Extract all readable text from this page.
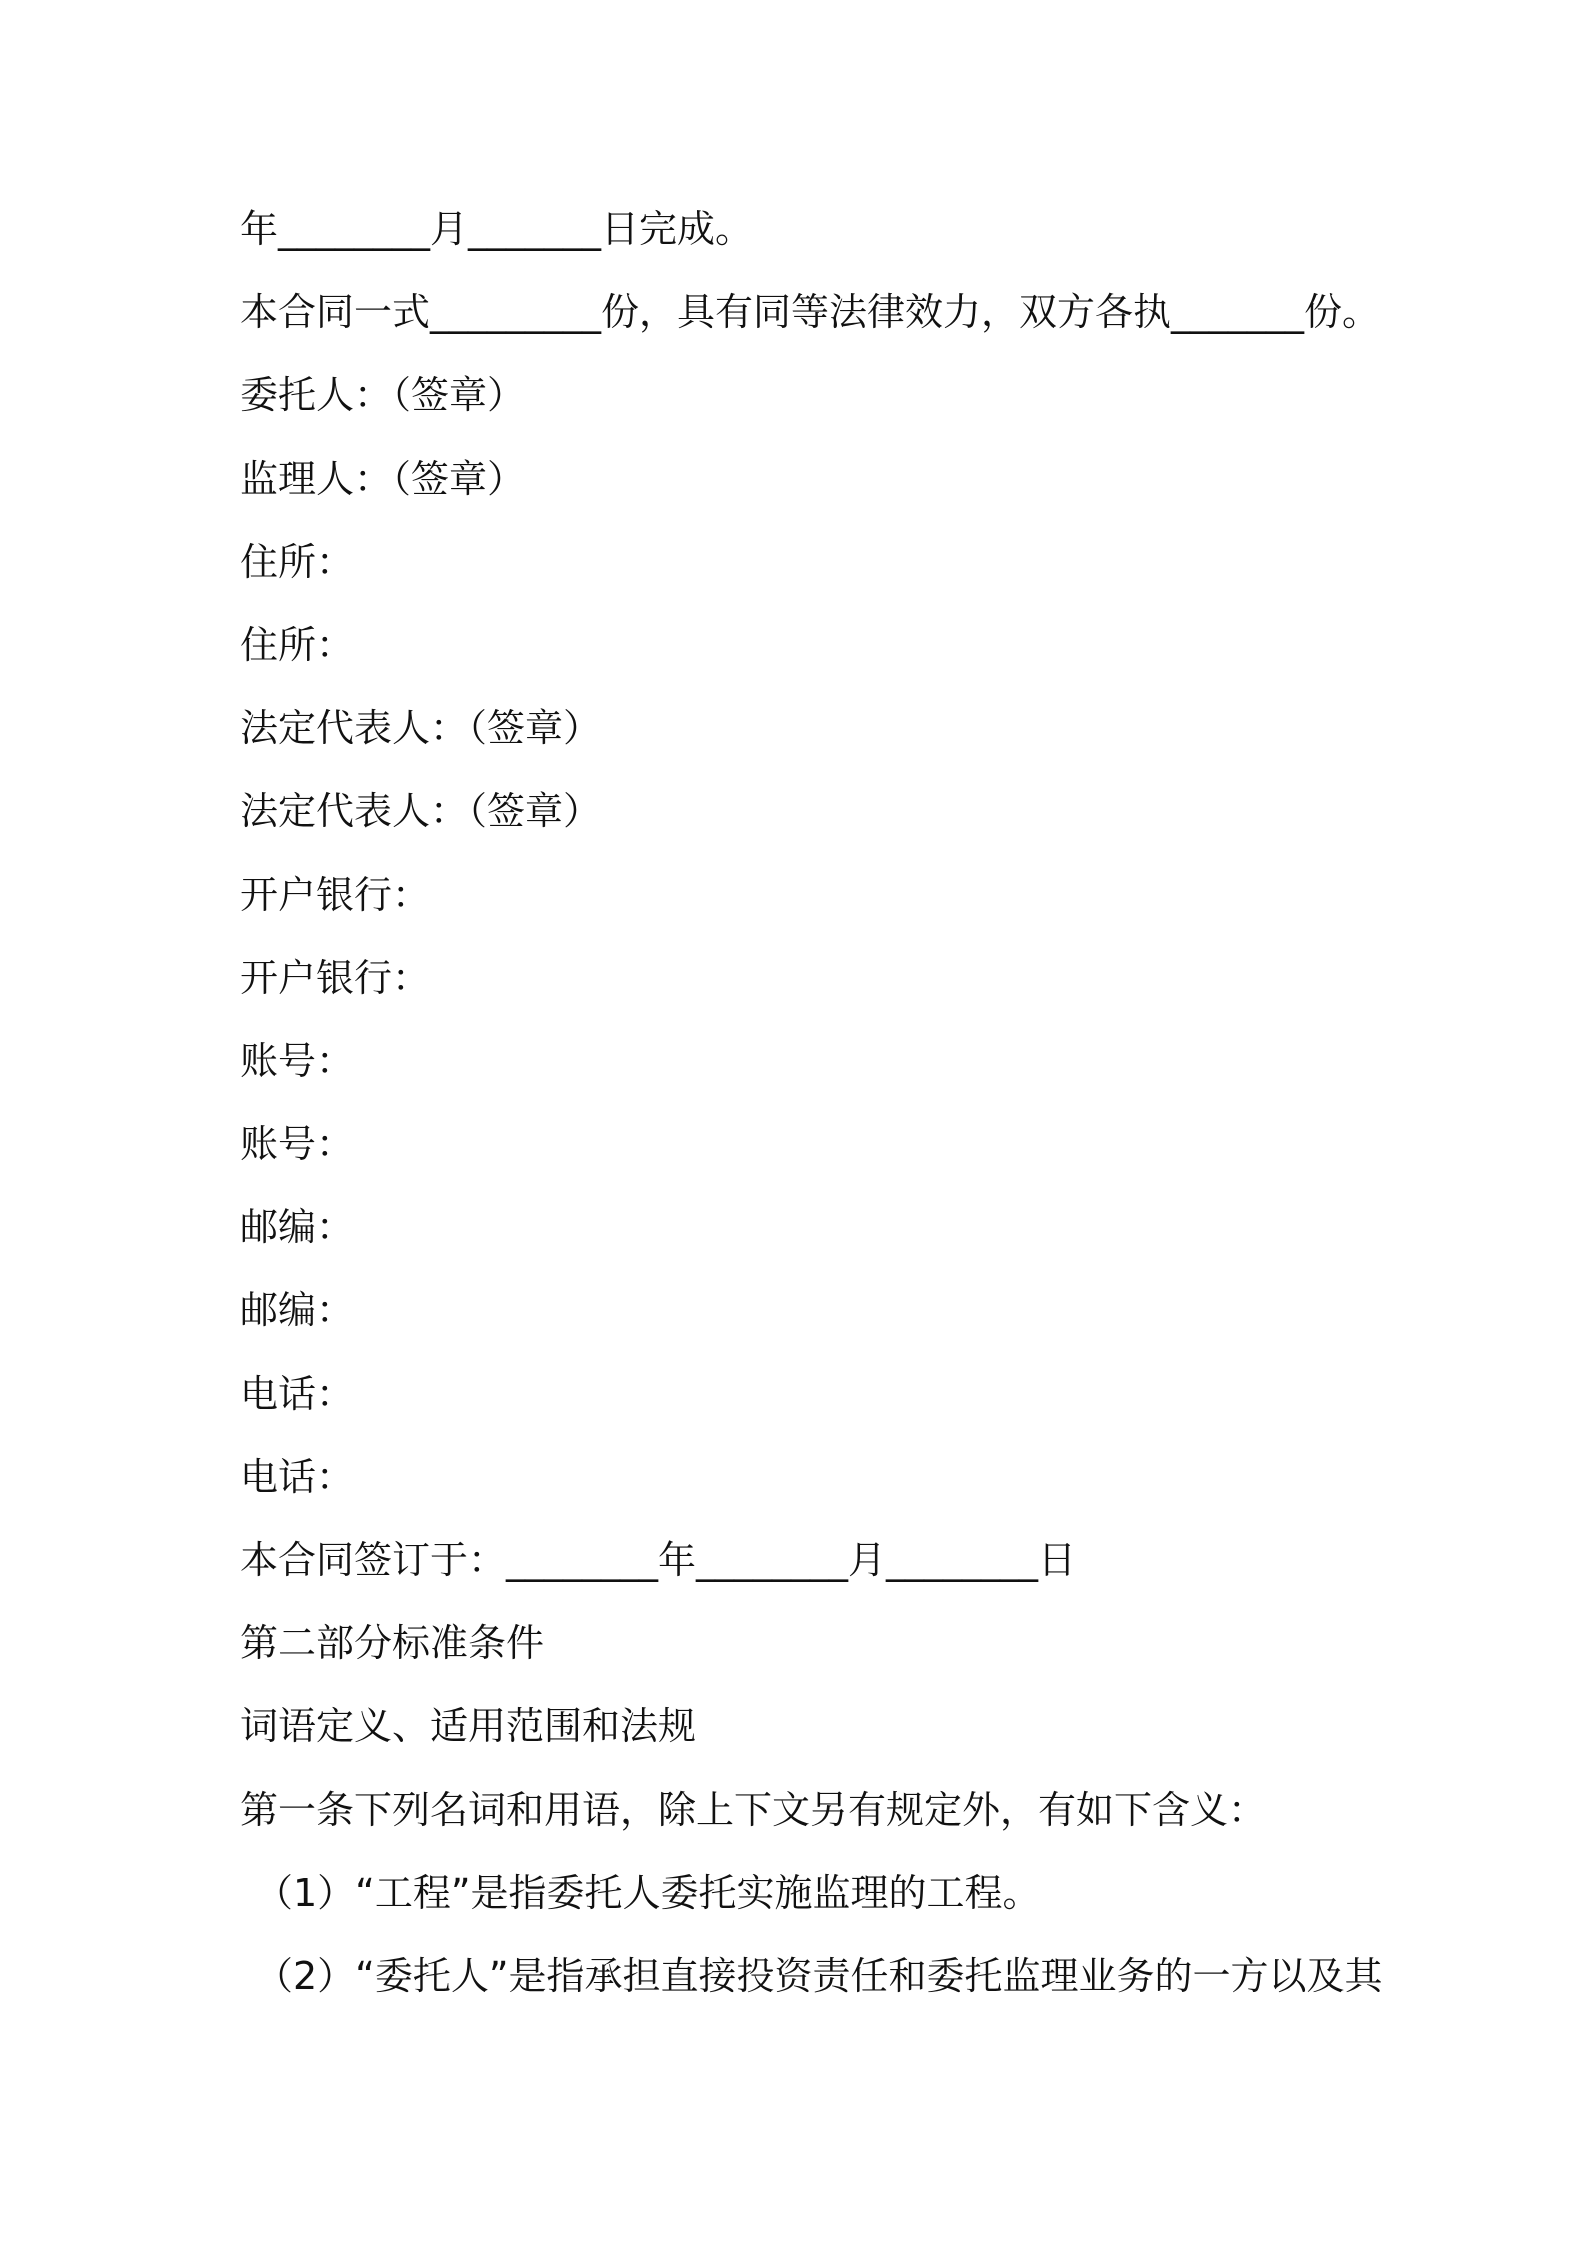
年________月_______日完成。
本合同一式_________份，具有同等法律效力，双方各执_______份。
委托人：（签章）
监理人：（签章）
住所：
住所：
法定代表人：（签章）
法定代表人：（签章）
开户银行：
开户银行：
账号：
账号：
邮编：
邮编：
电话：
电话：
本合同签订于：________年________月________日
第二部分标准条件
词语定义、适用范围和法规
第一条下列名词和用语，除上下文另有规定外，有如下含义：
（1）“工程”是指委托人委托实施监理的工程。
（2）“委托人”是指承担直接投资责任和委托监理业务的一方以及其
